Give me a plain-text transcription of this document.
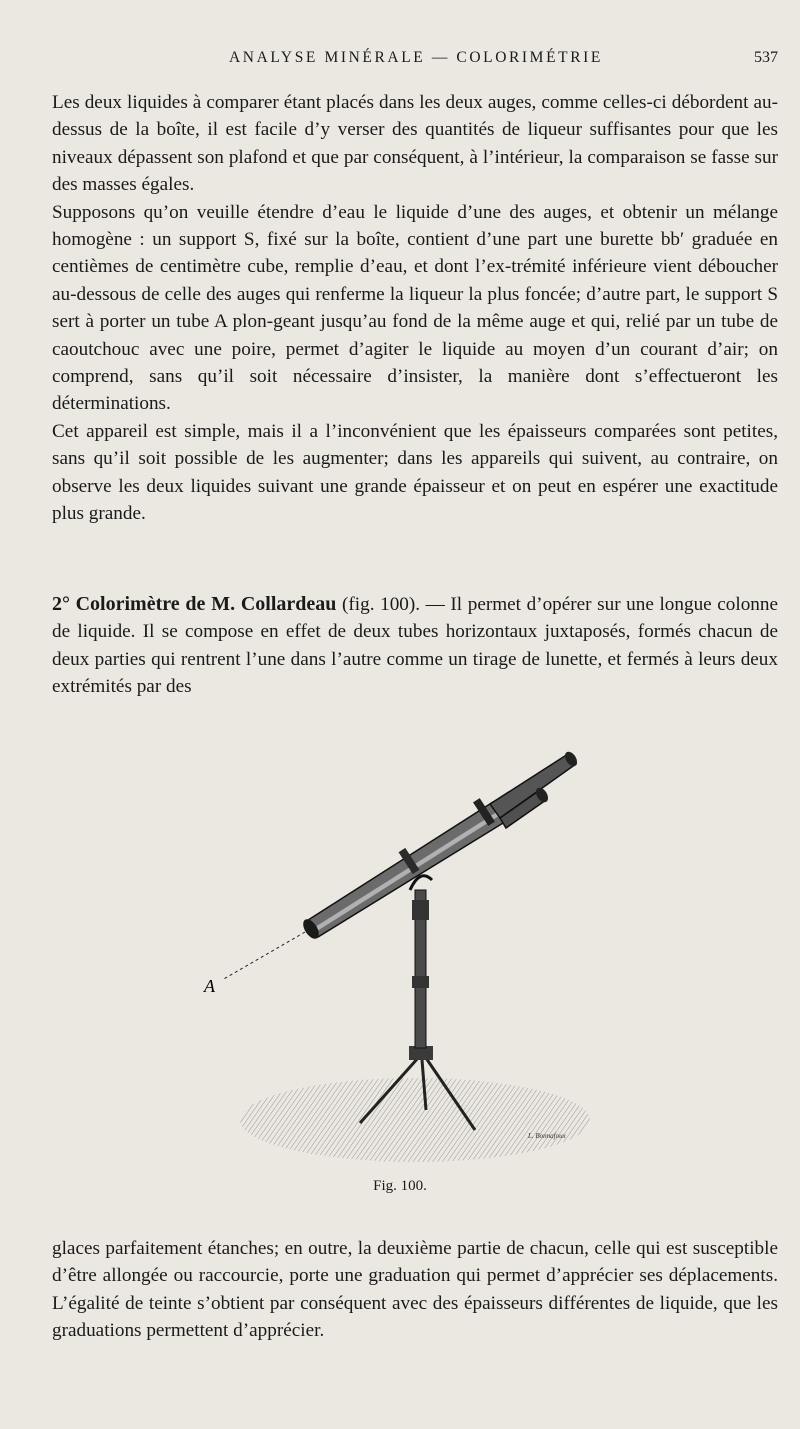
ANALYSE MINÉRALE — COLORIMÉTRIE	537

Les deux liquides à comparer étant placés dans les deux auges, comme celles-ci débordent au-dessus de la boîte, il est facile d’y verser des quantités de liqueur suffisantes pour que les niveaux dépassent son plafond et que par conséquent, à l’intérieur, la comparaison se fasse sur des masses égales.

Supposons qu’on veuille étendre d’eau le liquide d’une des auges, et obtenir un mélange homogène : un support S, fixé sur la boîte, contient d’une part une burette bb′ graduée en centièmes de centimètre cube, remplie d’eau, et dont l’ex-trémité inférieure vient déboucher au-dessous de celle des auges qui renferme la liqueur la plus foncée; d’autre part, le support S sert à porter un tube A plon-geant jusqu’au fond de la même auge et qui, relié par un tube de caoutchouc avec une poire, permet d’agiter le liquide au moyen d’un courant d’air; on comprend, sans qu’il soit nécessaire d’insister, la manière dont s’effectueront les déterminations.

Cet appareil est simple, mais il a l’inconvénient que les épaisseurs comparées sont petites, sans qu’il soit possible de les augmenter; dans les appareils qui suivent, au contraire, on observe les deux liquides suivant une grande épaisseur et on peut en espérer une exactitude plus grande.

2° Colorimètre de M. Collardeau (fig. 100). — Il permet d’opérer sur une longue colonne de liquide. Il se compose en effet de deux tubes horizontaux juxtaposés, formés chacun de deux parties qui rentrent l’une dans l’autre comme un tirage de lunette, et fermés à leurs deux extrémités par des

A
L. Bonnafoux
Fig. 100.

glaces parfaitement étanches; en outre, la deuxième partie de chacun, celle qui est susceptible d’être allongée ou raccourcie, porte une graduation qui permet d’apprécier ses déplacements. L’égalité de teinte s’obtient par conséquent avec des épaisseurs différentes de liquide, que les graduations permettent d’apprécier.
